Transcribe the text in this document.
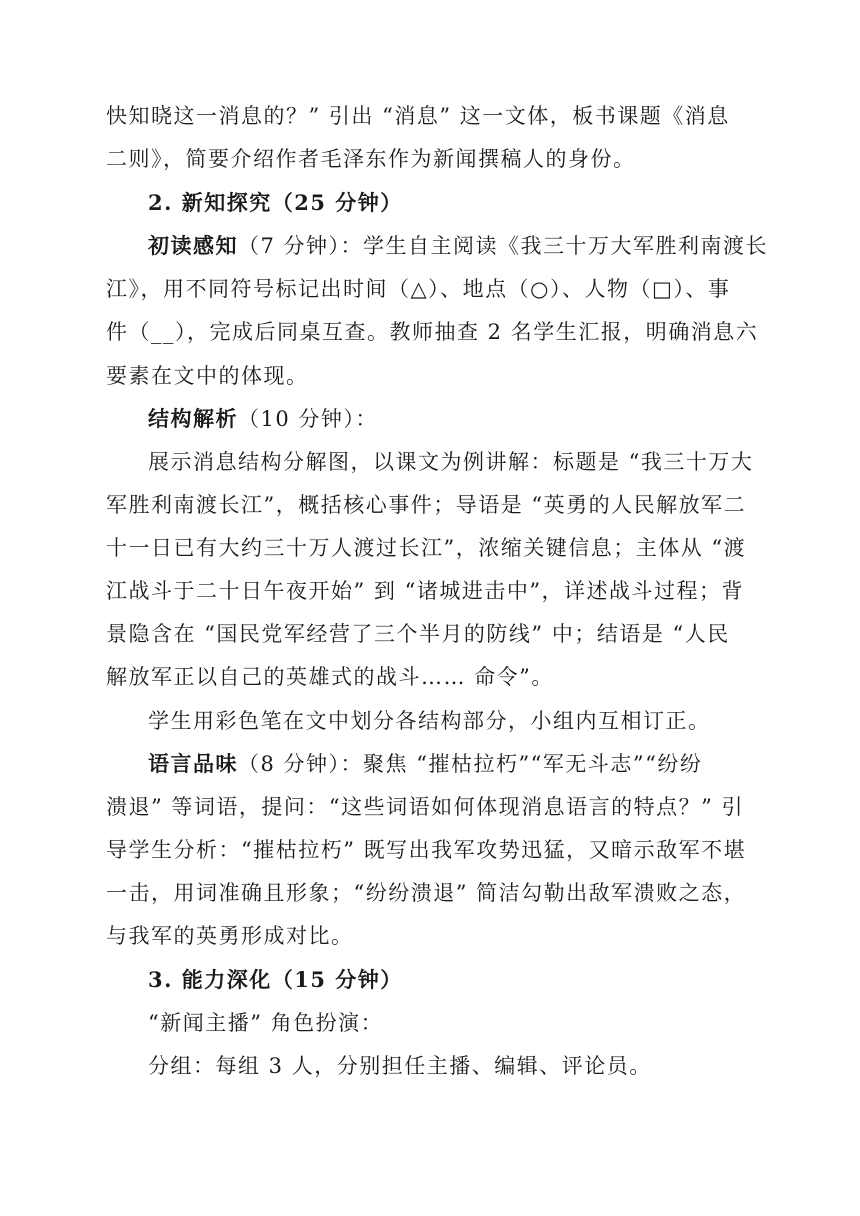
快知晓这一消息的？” 引出 “消息” 这一文体，板书课题《消息
二则》，简要介绍作者毛泽东作为新闻撰稿人的身份。
2. 新知探究（25 分钟）
初读感知（7 分钟）：学生自主阅读《我三十万大军胜利南渡长
江》，用不同符号标记出时间（△）、地点（○）、人物（□）、事
件（__），完成后同桌互查。教师抽查 2 名学生汇报，明确消息六
要素在文中的体现。
结构解析（10 分钟）：
展示消息结构分解图，以课文为例讲解：标题是 “我三十万大
军胜利南渡长江”，概括核心事件；导语是 “英勇的人民解放军二
十一日已有大约三十万人渡过长江”，浓缩关键信息；主体从 “渡
江战斗于二十日午夜开始” 到 “诸城进击中”，详述战斗过程；背
景隐含在 “国民党军经营了三个半月的防线” 中；结语是 “人民
解放军正以自己的英雄式的战斗…… 命令”。
学生用彩色笔在文中划分各结构部分，小组内互相订正。
语言品味（8 分钟）：聚焦 “摧枯拉朽”“军无斗志”“纷纷
溃退” 等词语，提问：“这些词语如何体现消息语言的特点？” 引
导学生分析：“摧枯拉朽” 既写出我军攻势迅猛，又暗示敌军不堪
一击，用词准确且形象；“纷纷溃退” 简洁勾勒出敌军溃败之态，
与我军的英勇形成对比。
3. 能力深化（15 分钟）
“新闻主播” 角色扮演：
分组：每组 3 人，分别担任主播、编辑、评论员。
